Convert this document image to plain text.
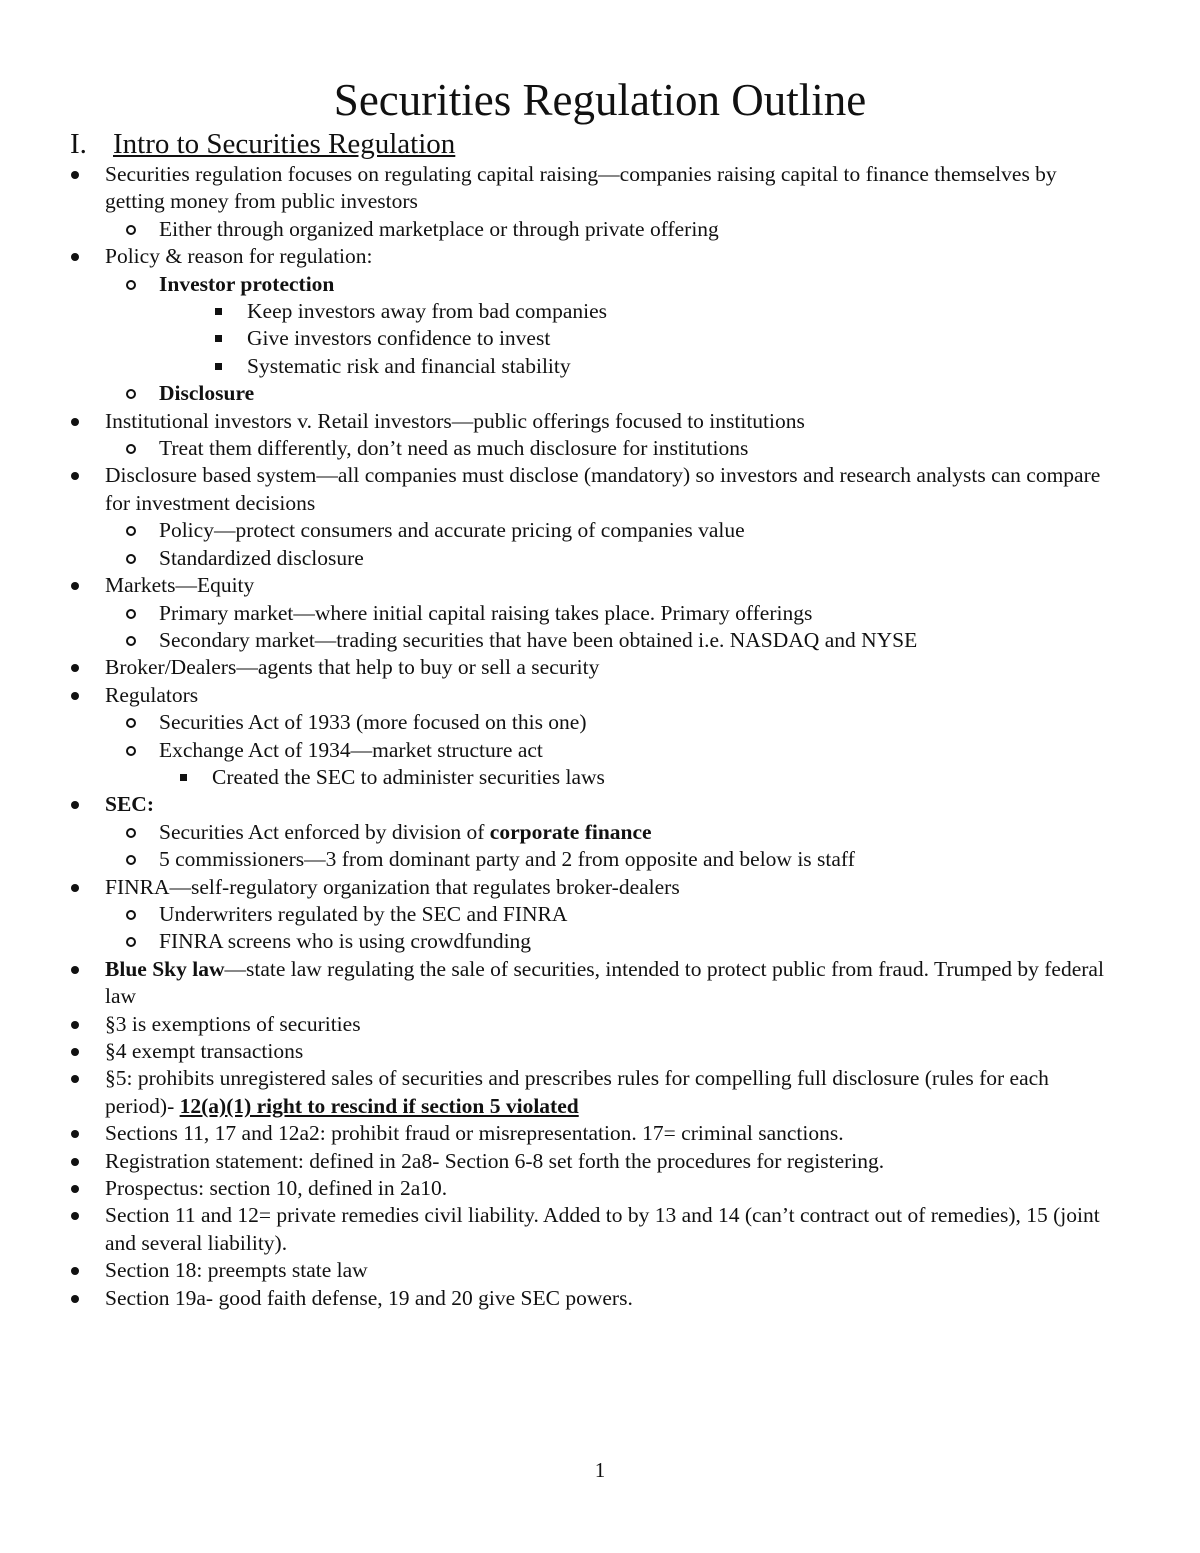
Securities Regulation Outline
I. Intro to Securities Regulation
Securities regulation focuses on regulating capital raising—companies raising capital to finance themselves by getting money from public investors
Either through organized marketplace or through private offering
Policy & reason for regulation:
Investor protection
Keep investors away from bad companies
Give investors confidence to invest
Systematic risk and financial stability
Disclosure
Institutional investors v. Retail investors—public offerings focused to institutions
Treat them differently, don’t need as much disclosure for institutions
Disclosure based system—all companies must disclose (mandatory) so investors and research analysts can compare for investment decisions
Policy—protect consumers and accurate pricing of companies value
Standardized disclosure
Markets—Equity
Primary market—where initial capital raising takes place. Primary offerings
Secondary market—trading securities that have been obtained i.e. NASDAQ and NYSE
Broker/Dealers—agents that help to buy or sell a security
Regulators
Securities Act of 1933 (more focused on this one)
Exchange Act of 1934—market structure act
Created the SEC to administer securities laws
SEC:
Securities Act enforced by division of corporate finance
5 commissioners—3 from dominant party and 2 from opposite and below is staff
FINRA—self-regulatory organization that regulates broker-dealers
Underwriters regulated by the SEC and FINRA
FINRA screens who is using crowdfunding
Blue Sky law—state law regulating the sale of securities, intended to protect public from fraud. Trumped by federal law
§3 is exemptions of securities
§4 exempt transactions
§5: prohibits unregistered sales of securities and prescribes rules for compelling full disclosure (rules for each period)- 12(a)(1) right to rescind if section 5 violated
Sections 11, 17 and 12a2: prohibit fraud or misrepresentation. 17= criminal sanctions.
Registration statement: defined in 2a8- Section 6-8 set forth the procedures for registering.
Prospectus: section 10, defined in 2a10.
Section 11 and 12= private remedies civil liability. Added to by 13 and 14 (can’t contract out of remedies), 15 (joint and several liability).
Section 18: preempts state law
Section 19a- good faith defense, 19 and 20 give SEC powers.
1
